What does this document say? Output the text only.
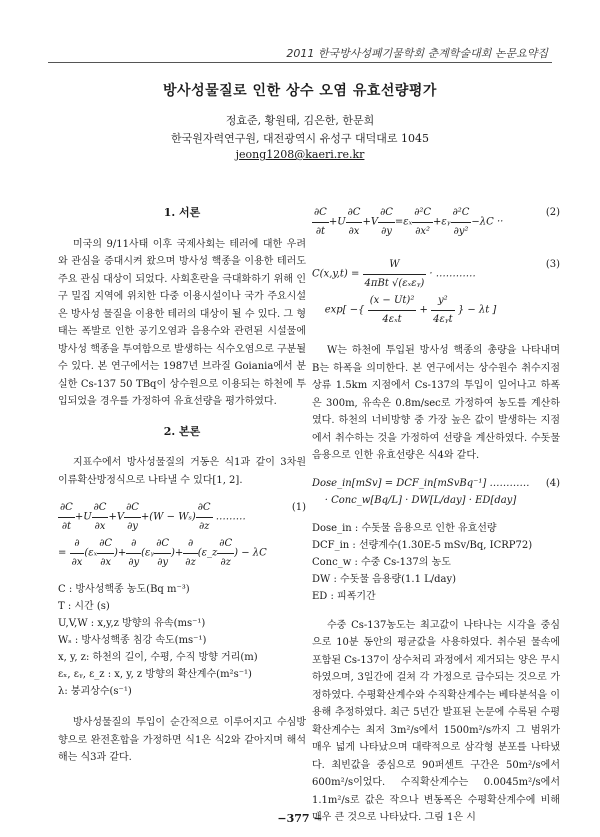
2011 한국방사성폐기물학회 춘계학술대회 논문요약집
방사성물질로 인한 상수 오염 유효선량평가
정효준, 황원태, 김은한, 한문희
한국원자력연구원, 대전광역시 유성구 대덕대로 1045
jeong1208@kaeri.re.kr
1. 서론

미국의 9/11사태 이후 국제사회는 테러에 대한 우려와 관심을 증대시켜 왔으며 방사성 핵종을 이용한 테러도 주요 관심 대상이 되었다. 사회혼란을 극대화하기 위해 인구 밀집 지역에 위치한 다중 이용시설이나 국가 주요시설은 방사성 물질을 이용한 테러의 대상이 될 수 있다. 그 형태는 폭발로 인한 공기오염과 음용수와 관련된 시설물에 방사성 핵종을 투여함으로 발생하는 식수오염으로 구분될 수 있다. 본 연구에서는 1987년 브라질 Goiania에서 분실한 Cs-137 50 TBq이 상수원으로 이용되는 하천에 투입되었을 경우를 가정하여 유효선량을 평가하였다.

2. 본론

지표수에서 방사성물질의 거동은 식1과 같이 3차원 이류확산방정식으로 나타낼 수 있다[1, 2].

$\frac{\partial C}{\partial t} +U \frac{\partial C}{\partial x} +V \frac{\partial C}{\partial y} +(W - W_s) \frac{\partial C}{\partial z}$ ………
(1)

= $\frac{\partial}{\partial x} (\varepsilon_x \frac{\partial C}{\partial x}$ )+ $\frac{\partial}{\partial y}$ (εᵧ $\frac{\partial C}{\partial y}$ )+ $\frac{\partial}{\partial z}$ (ε_z $\frac{\partial C}{\partial z}$ ) − λC
C : 방사성핵종 농도(Bq m⁻³)
T : 시간 (s)
U,V,W : x,y,z 방향의 유속(ms⁻¹)
Wₛ : 방사성핵종 침강 속도(ms⁻¹)
x, y, z: 하천의 길이, 수평, 수직 방향 거리(m)
εₓ, εᵧ, ε_z : x, y, z 방향의 확산계수(m²s⁻¹)
λ: 붕괴상수(s⁻¹)

방사성물질의 투입이 순간적으로 이루어지고 수심방향으로 완전혼합을 가정하면 식1은 식2와 같아지며 해석해는 식3과 같다.

$\frac{\partial C}{\partial t} +U \frac{\partial C}{\partial x} +V \frac{\partial C}{\partial y} =\varepsilon_x \frac{\text{∂²C}}{\text{∂x²}}$ +εᵧ $\frac{\text{∂²C}}{\text{∂y²}} -\lambda C$ ··
(2)
$C(x,y,t) = \frac{W}{\text{4πBt √(εₓεᵧ)}}$ · …………
(3)

exp[ −{ $\frac{\text{(x − Ut)²}}{\text{4εₓt}} + \frac{\text{y²}}{\text{4εᵧt}}$ } − λt ]

W는 하천에 투입된 방사성 핵종의 총량을 나타내며 B는 하폭을 의미한다. 본 연구에서는 상수원수 취수지점 상류 1.5km 지점에서 Cs-137의 투입이 일어나고 하폭은 300m, 유속은 0.8m/sec로 가정하여 농도를 계산하였다. 하천의 너비방향 중 가장 높은 값이 발생하는 지점에서 취수하는 것을 가정하여 선량을 계산하였다. 수돗물 음용으로 인한 유효선량은 식4와 같다.

Dose_in[mSv] = DCF_in[mSvBq⁻¹] ………… (4)

· Conc_w[Bq/L] · DW[L/day] · ED[day]
Dose_in : 수돗물 음용으로 인한 유효선량
DCF_in : 선량계수(1.30E-5 mSv/Bq, ICRP72)
Conc_w : 수중 Cs-137의 농도
DW : 수돗물 음용량(1.1 L/day)
ED : 피폭기간

수중 Cs-137농도는 최고값이 나타나는 시각을 중심으로 10분 동안의 평균값을 사용하였다. 취수된 물속에 포함된 Cs-137이 상수처리 과정에서 제거되는 양은 무시하였으며, 3일간에 걸쳐 각 가정으로 급수되는 것으로 가정하였다. 수평확산계수와 수직확산계수는 베타분석을 이용해 추정하였다. 최근 5년간 발표된 논문에 수록된 수평확산계수는 최저 3m²/s에서 1500m²/s까지 그 범위가 매우 넓게 나타났으며 대략적으로 삼각형 분포를 나타냈다. 최빈값을 중심으로 90퍼센트 구간은 50m²/s에서 600m²/s이었다. 수직확산계수는 0.0045m²/s에서 1.1m²/s로 값은 작으나 변동폭은 수평확산계수에 비해 매우 큰 것으로 나타났다. 그림 1은 시

−377 −
